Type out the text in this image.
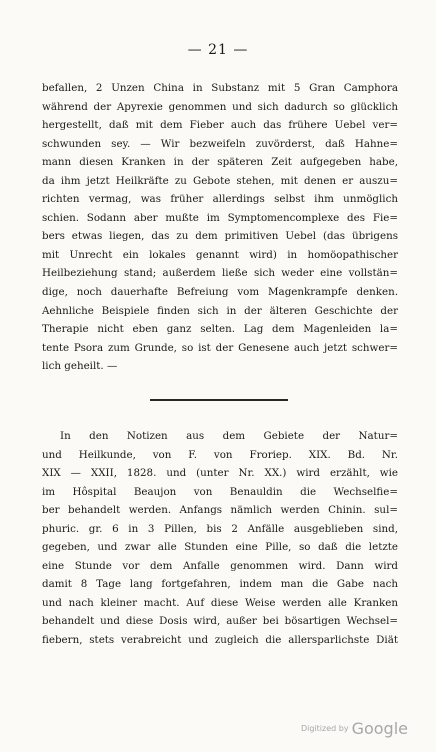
— 21 —
befallen, 2 Unzen China in Substanz mit 5 Gran Camphora
während der Apyrexie genommen und sich dadurch so glücklich
hergestellt, daß mit dem Fieber auch das frühere Uebel ver=
schwunden sey. — Wir bezweifeln zuvörderst, daß Hahne=
mann diesen Kranken in der späteren Zeit aufgegeben habe,
da ihm jetzt Heilkräfte zu Gebote stehen, mit denen er auszu=
richten vermag, was früher allerdings selbst ihm unmöglich
schien. Sodann aber mußte im Symptomencomplexe des Fie=
bers etwas liegen, das zu dem primitiven Uebel (das übrigens
mit Unrecht ein lokales genannt wird) in homöopathischer
Heilbeziehung stand; außerdem ließe sich weder eine vollstän=
dige, noch dauerhafte Befreiung vom Magenkrampfe denken.
Aehnliche Beispiele finden sich in der älteren Geschichte der
Therapie nicht eben ganz selten. Lag dem Magenleiden la=
tente Psora zum Grunde, so ist der Genesene auch jetzt schwer=
lich geheilt. —
In den Notizen aus dem Gebiete der Natur=
und Heilkunde, von F. von Froriep. XIX. Bd. Nr.
XIX — XXII, 1828. und (unter Nr. XX.) wird erzählt, wie
im Hôspital Beaujon von Benauldin die Wechselfie=
ber behandelt werden. Anfangs nämlich werden Chinin. sul=
phuric. gr. 6 in 3 Pillen, bis 2 Anfälle ausgeblieben sind,
gegeben, und zwar alle Stunden eine Pille, so daß die letzte
eine Stunde vor dem Anfalle genommen wird. Dann wird
damit 8 Tage lang fortgefahren, indem man die Gabe nach
und nach kleiner macht. Auf diese Weise werden alle Kranken
behandelt und diese Dosis wird, außer bei bösartigen Wechsel=
fiebern, stets verabreicht und zugleich die allersparlichste Diät
Digitized by Google
